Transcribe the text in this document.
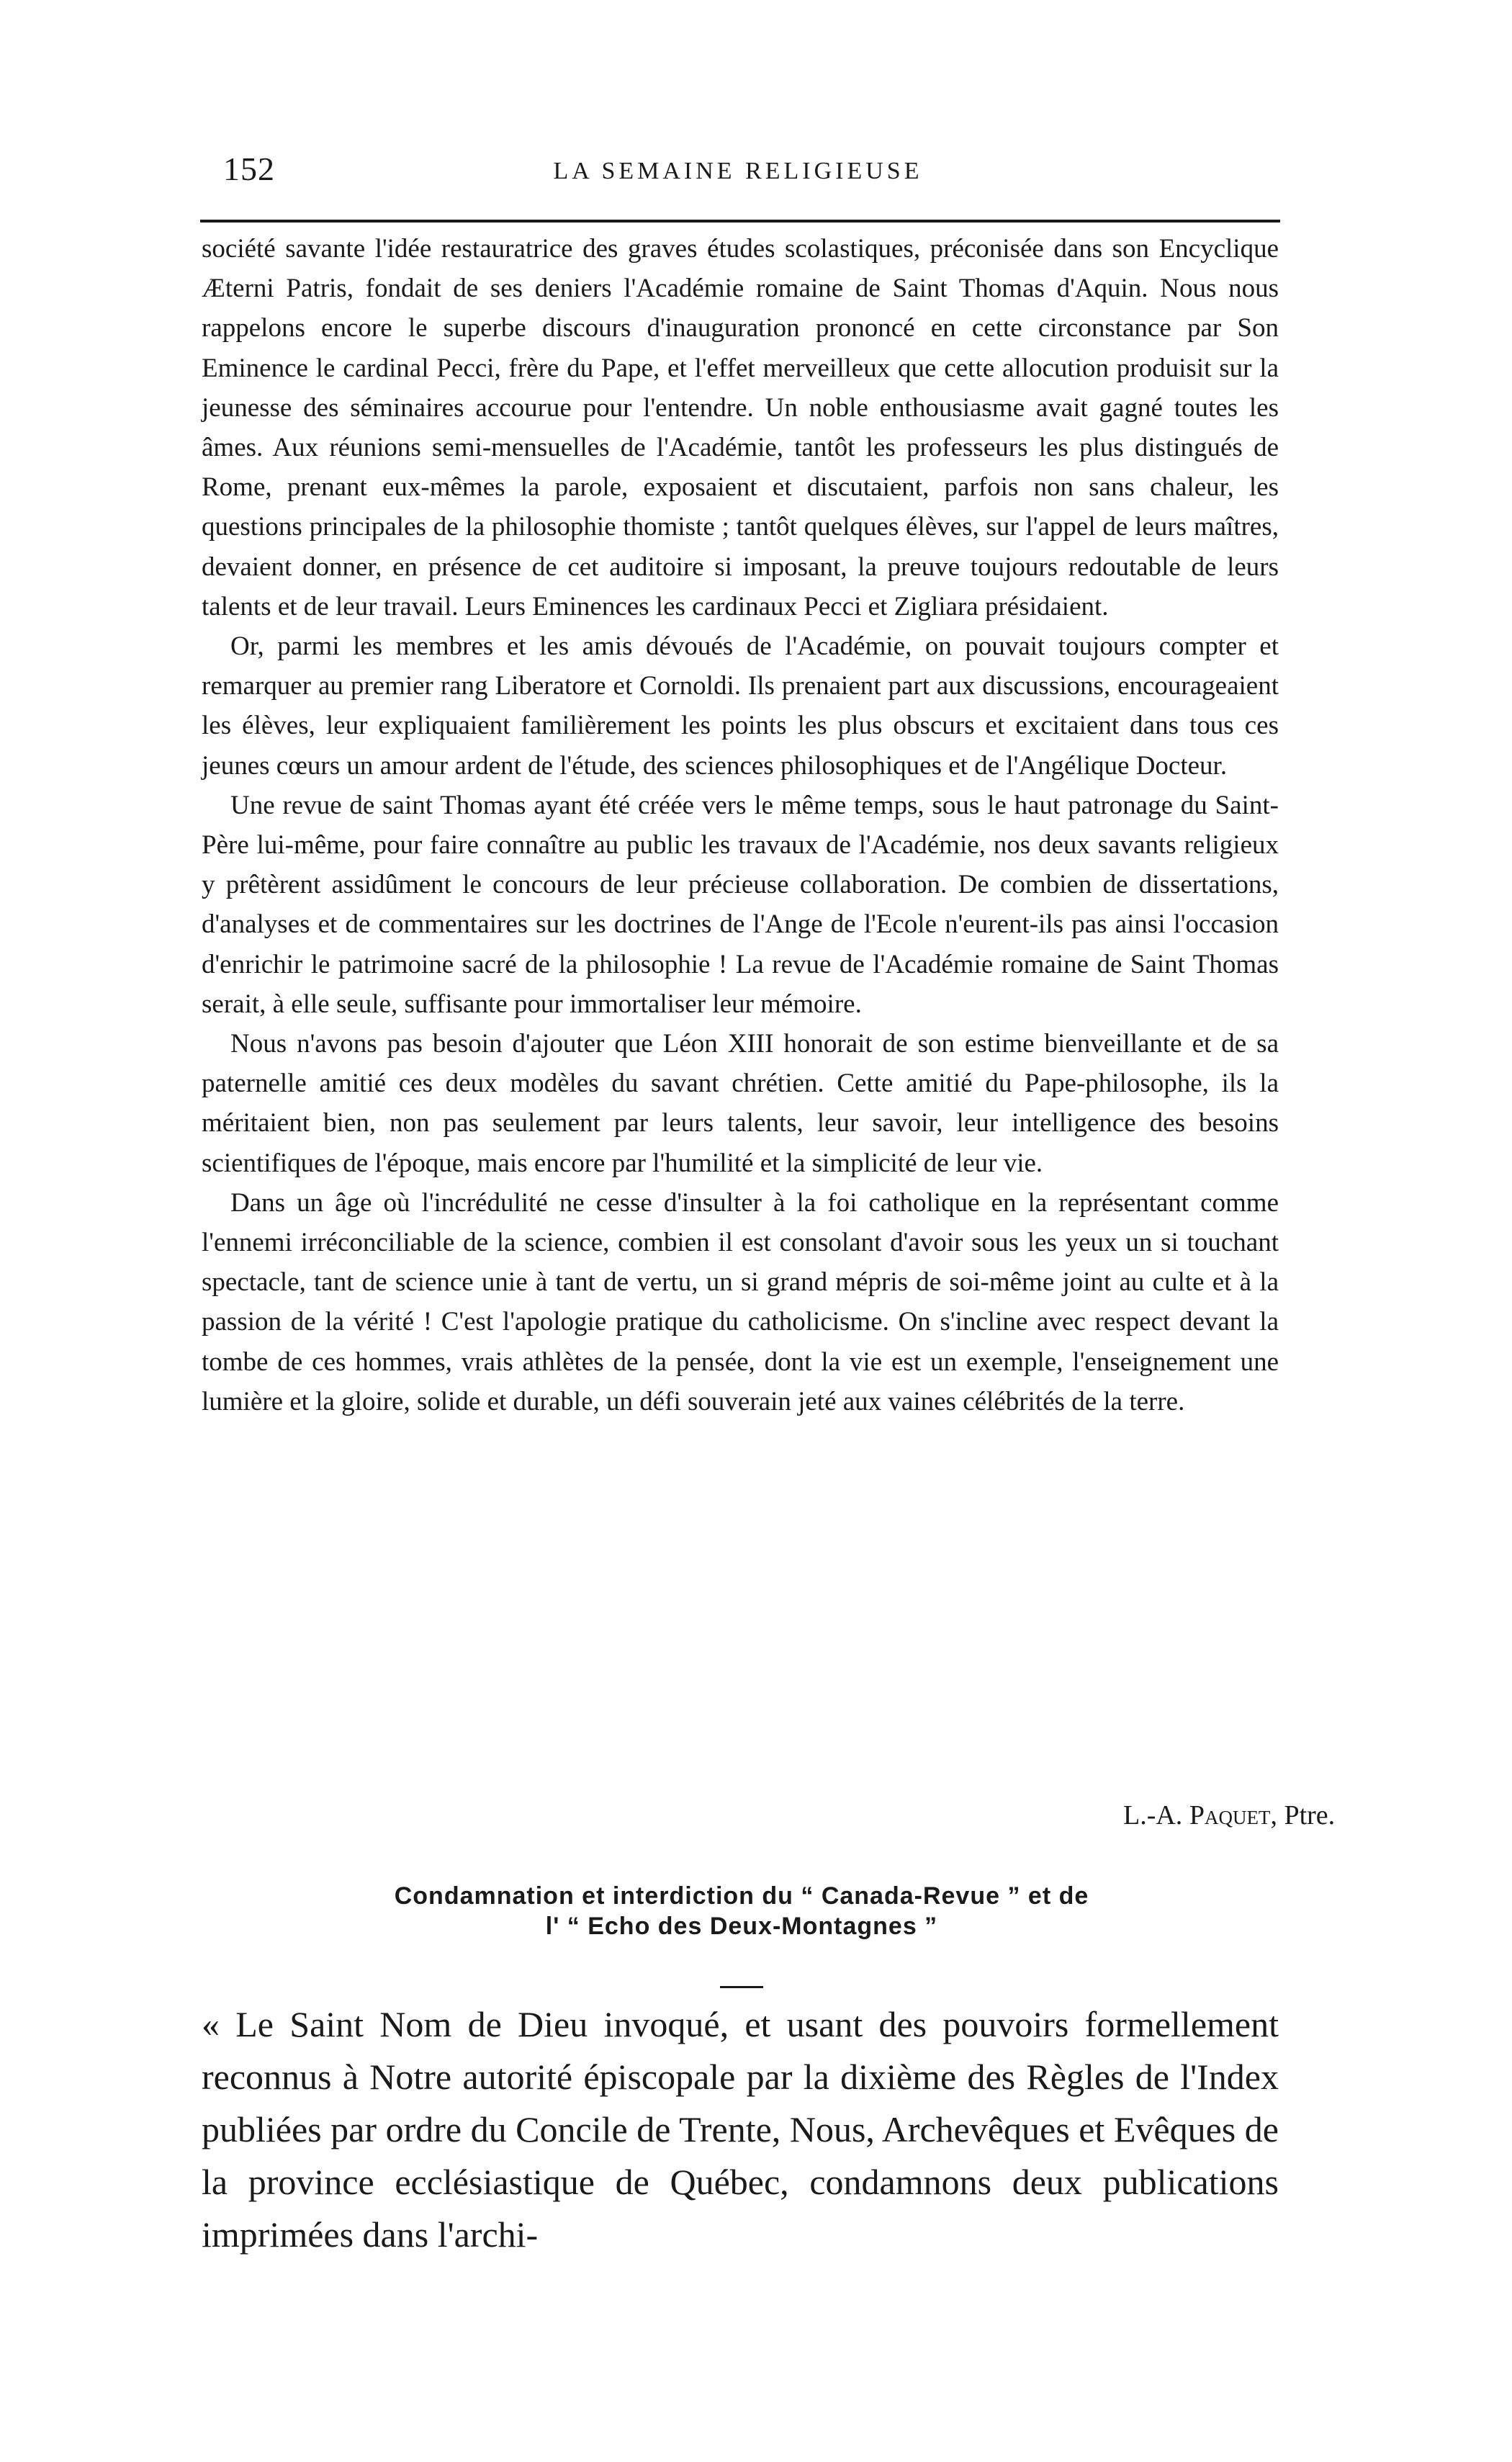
152	LA SEMAINE RELIGIEUSE

société savante l'idée restauratrice des graves études scolastiques, préconisée dans son Encyclique Æterni Patris, fondait de ses deniers l'Académie romaine de Saint Thomas d'Aquin. Nous nous rappelons encore le superbe discours d'inauguration prononcé en cette circonstance par Son Eminence le cardinal Pecci, frère du Pape, et l'effet merveilleux que cette allocution produisit sur la jeunesse des séminaires accourue pour l'entendre. Un noble enthousiasme avait gagné toutes les âmes. Aux réunions semi-mensuelles de l'Académie, tantôt les professeurs les plus distingués de Rome, prenant eux-mêmes la parole, exposaient et discutaient, parfois non sans chaleur, les questions principales de la philosophie thomiste ; tantôt quelques élèves, sur l'appel de leurs maîtres, devaient donner, en présence de cet auditoire si imposant, la preuve toujours redoutable de leurs talents et de leur travail. Leurs Eminences les cardinaux Pecci et Zigliara présidaient.

Or, parmi les membres et les amis dévoués de l'Académie, on pouvait toujours compter et remarquer au premier rang Liberatore et Cornoldi. Ils prenaient part aux discussions, encourageaient les élèves, leur expliquaient familièrement les points les plus obscurs et excitaient dans tous ces jeunes cœurs un amour ardent de l'étude, des sciences philosophiques et de l'Angélique Docteur.

Une revue de saint Thomas ayant été créée vers le même temps, sous le haut patronage du Saint-Père lui-même, pour faire connaître au public les travaux de l'Académie, nos deux savants religieux y prêtèrent assidûment le concours de leur précieuse collaboration. De combien de dissertations, d'analyses et de commentaires sur les doctrines de l'Ange de l'Ecole n'eurent-ils pas ainsi l'occasion d'enrichir le patrimoine sacré de la philosophie ! La revue de l'Académie romaine de Saint Thomas serait, à elle seule, suffisante pour immortaliser leur mémoire.

Nous n'avons pas besoin d'ajouter que Léon XIII honorait de son estime bienveillante et de sa paternelle amitié ces deux modèles du savant chrétien. Cette amitié du Pape-philosophe, ils la méritaient bien, non pas seulement par leurs talents, leur savoir, leur intelligence des besoins scientifiques de l'époque, mais encore par l'humilité et la simplicité de leur vie.

Dans un âge où l'incrédulité ne cesse d'insulter à la foi catholique en la représentant comme l'ennemi irréconciliable de la science, combien il est consolant d'avoir sous les yeux un si touchant spectacle, tant de science unie à tant de vertu, un si grand mépris de soi-même joint au culte et à la passion de la vérité ! C'est l'apologie pratique du catholicisme. On s'incline avec respect devant la tombe de ces hommes, vrais athlètes de la pensée, dont la vie est un exemple, l'enseignement une lumière et la gloire, solide et durable, un défi souverain jeté aux vaines célébrités de la terre.

L.-A. Paquet, Ptre.
Condamnation et interdiction du “ Canada-Revue ” et de
l' “ Echo des Deux-Montagnes ”

« Le Saint Nom de Dieu invoqué, et usant des pouvoirs formellement reconnus à Notre autorité épiscopale par la dixième des Règles de l'Index publiées par ordre du Concile de Trente, Nous, Archevêques et Evêques de la province ecclésiastique de Québec, condamnons deux publications imprimées dans l'archi-
